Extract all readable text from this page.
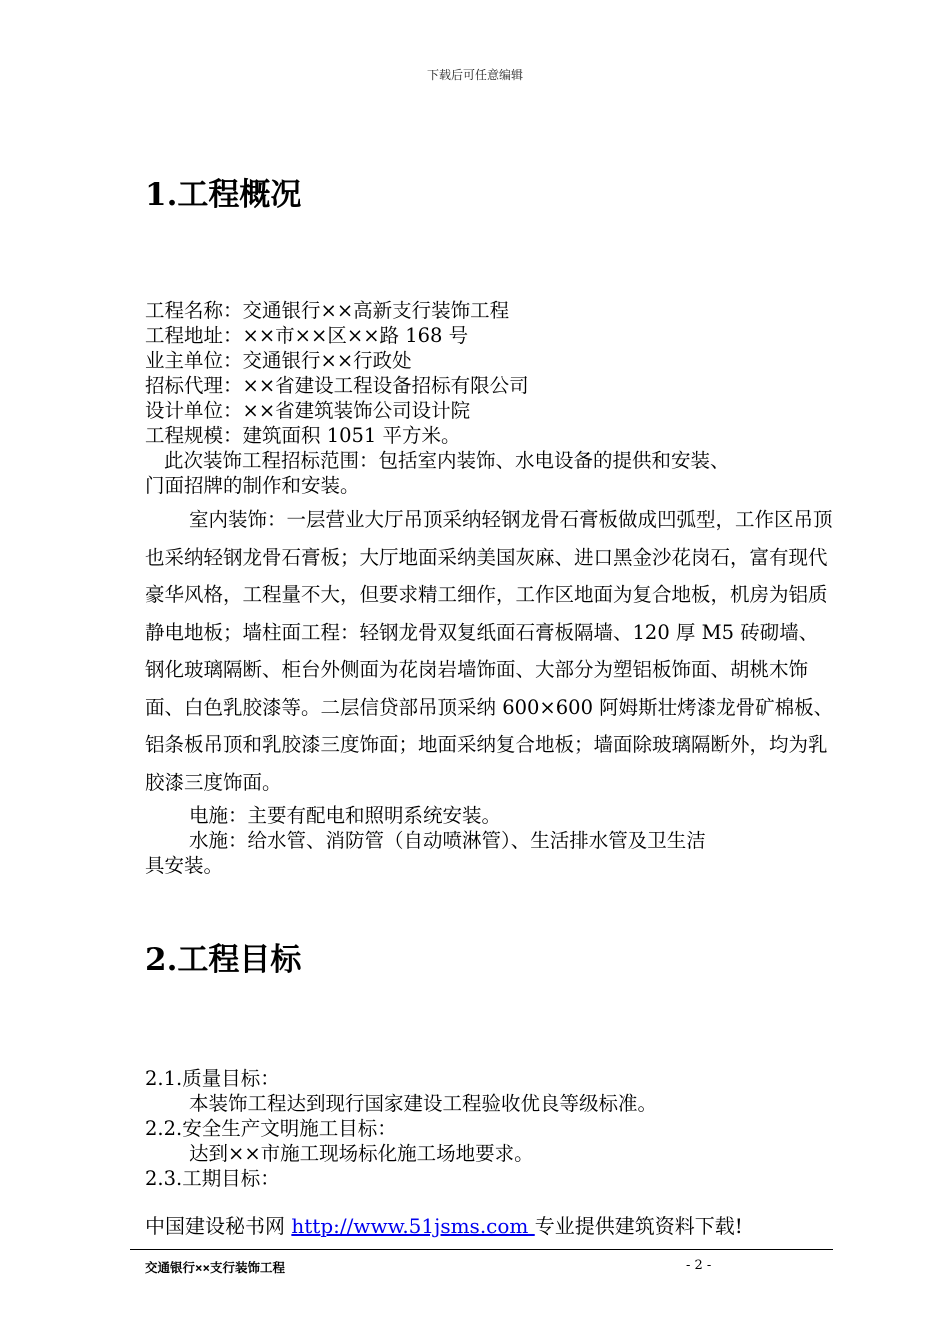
下载后可任意编辑
1.工程概况
工程名称：交通银行××高新支行装饰工程
工程地址：××市××区××路 168 号
业主单位：交通银行××行政处
招标代理：××省建设工程设备招标有限公司
设计单位：××省建筑装饰公司设计院
工程规模：建筑面积 1051 平方米。
此次装饰工程招标范围：包括室内装饰、水电设备的提供和安装、
门面招牌的制作和安装。

室内装饰：一层营业大厅吊顶采纳轻钢龙骨石膏板做成凹弧型，工作区吊顶也采纳轻钢龙骨石膏板；大厅地面采纳美国灰麻、进口黑金沙花岗石，富有现代豪华风格，工程量不大，但要求精工细作，工作区地面为复合地板，机房为铝质静电地板；墙柱面工程：轻钢龙骨双复纸面石膏板隔墙、120 厚 M5 砖砌墙、钢化玻璃隔断、柜台外侧面为花岗岩墙饰面、大部分为塑铝板饰面、胡桃木饰面、白色乳胶漆等。二层信贷部吊顶采纳 600×600 阿姆斯壮烤漆龙骨矿棉板、铝条板吊顶和乳胶漆三度饰面；地面采纳复合地板；墙面除玻璃隔断外，均为乳胶漆三度饰面。

电施：主要有配电和照明系统安装。
水施：给水管、消防管（自动喷淋管）、生活排水管及卫生洁
具安装。
2.工程目标
2.1.质量目标：
本装饰工程达到现行国家建设工程验收优良等级标准。
2.2.安全生产文明施工目标：
达到××市施工现场标化施工场地要求。
2.3.工期目标：
中国建设秘书网 http://www.51jsms.com 专业提供建筑资料下载!
交通银行××支行装饰工程	- 2 -
